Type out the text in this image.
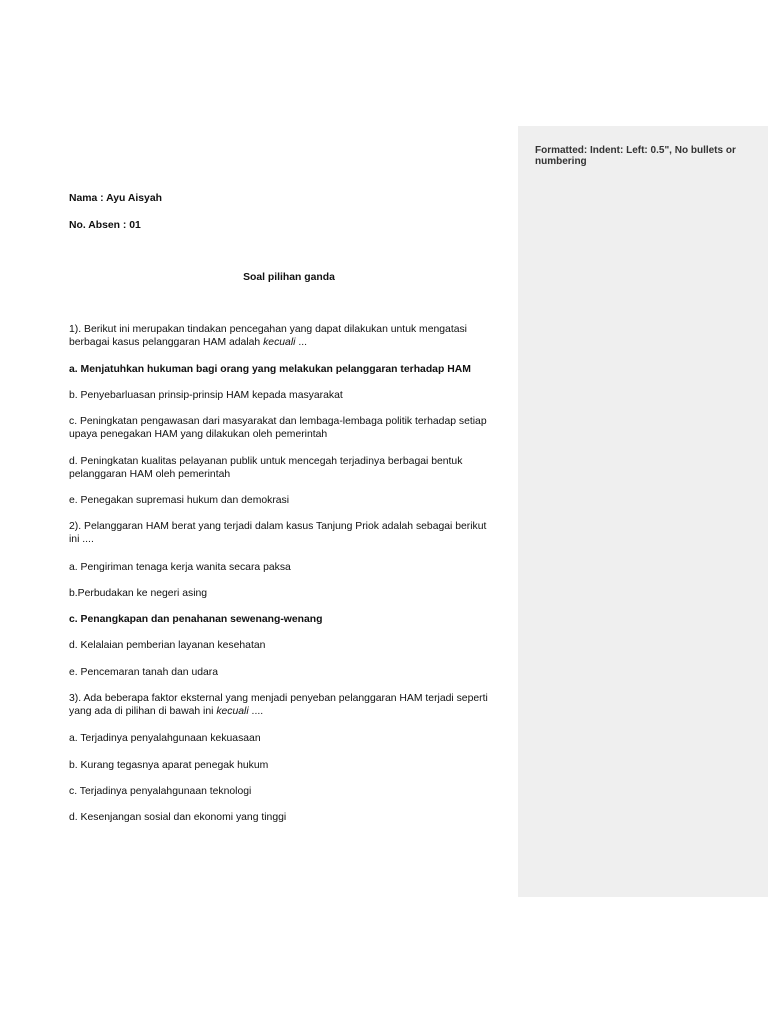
Formatted: Indent: Left: 0.5", No bullets or numbering
Nama : Ayu Aisyah
No. Absen : 01
Soal pilihan ganda
1). Berikut ini merupakan tindakan pencegahan yang dapat dilakukan untuk mengatasi
berbagai kasus pelanggaran HAM adalah kecuali ...
a. Menjatuhkan hukuman bagi orang yang melakukan pelanggaran terhadap HAM
b. Penyebarluasan prinsip-prinsip HAM kepada masyarakat
c. Peningkatan pengawasan dari masyarakat dan lembaga-lembaga politik terhadap setiap
upaya penegakan HAM yang dilakukan oleh pemerintah
d. Peningkatan kualitas pelayanan publik untuk mencegah terjadinya berbagai bentuk
pelanggaran HAM oleh pemerintah
e. Penegakan supremasi hukum dan demokrasi
2). Pelanggaran HAM berat yang terjadi dalam kasus Tanjung Priok adalah sebagai berikut
ini ....
a. Pengiriman tenaga kerja wanita secara paksa
b.Perbudakan ke negeri asing
c. Penangkapan dan penahanan sewenang-wenang
d. Kelalaian pemberian layanan kesehatan
e. Pencemaran tanah dan udara
3). Ada beberapa faktor eksternal yang menjadi penyeban pelanggaran HAM terjadi seperti
yang ada di pilihan di bawah ini kecuali ....
a. Terjadinya penyalahgunaan kekuasaan
b. Kurang tegasnya aparat penegak hukum
c. Terjadinya penyalahgunaan teknologi
d. Kesenjangan sosial dan ekonomi yang tinggi
